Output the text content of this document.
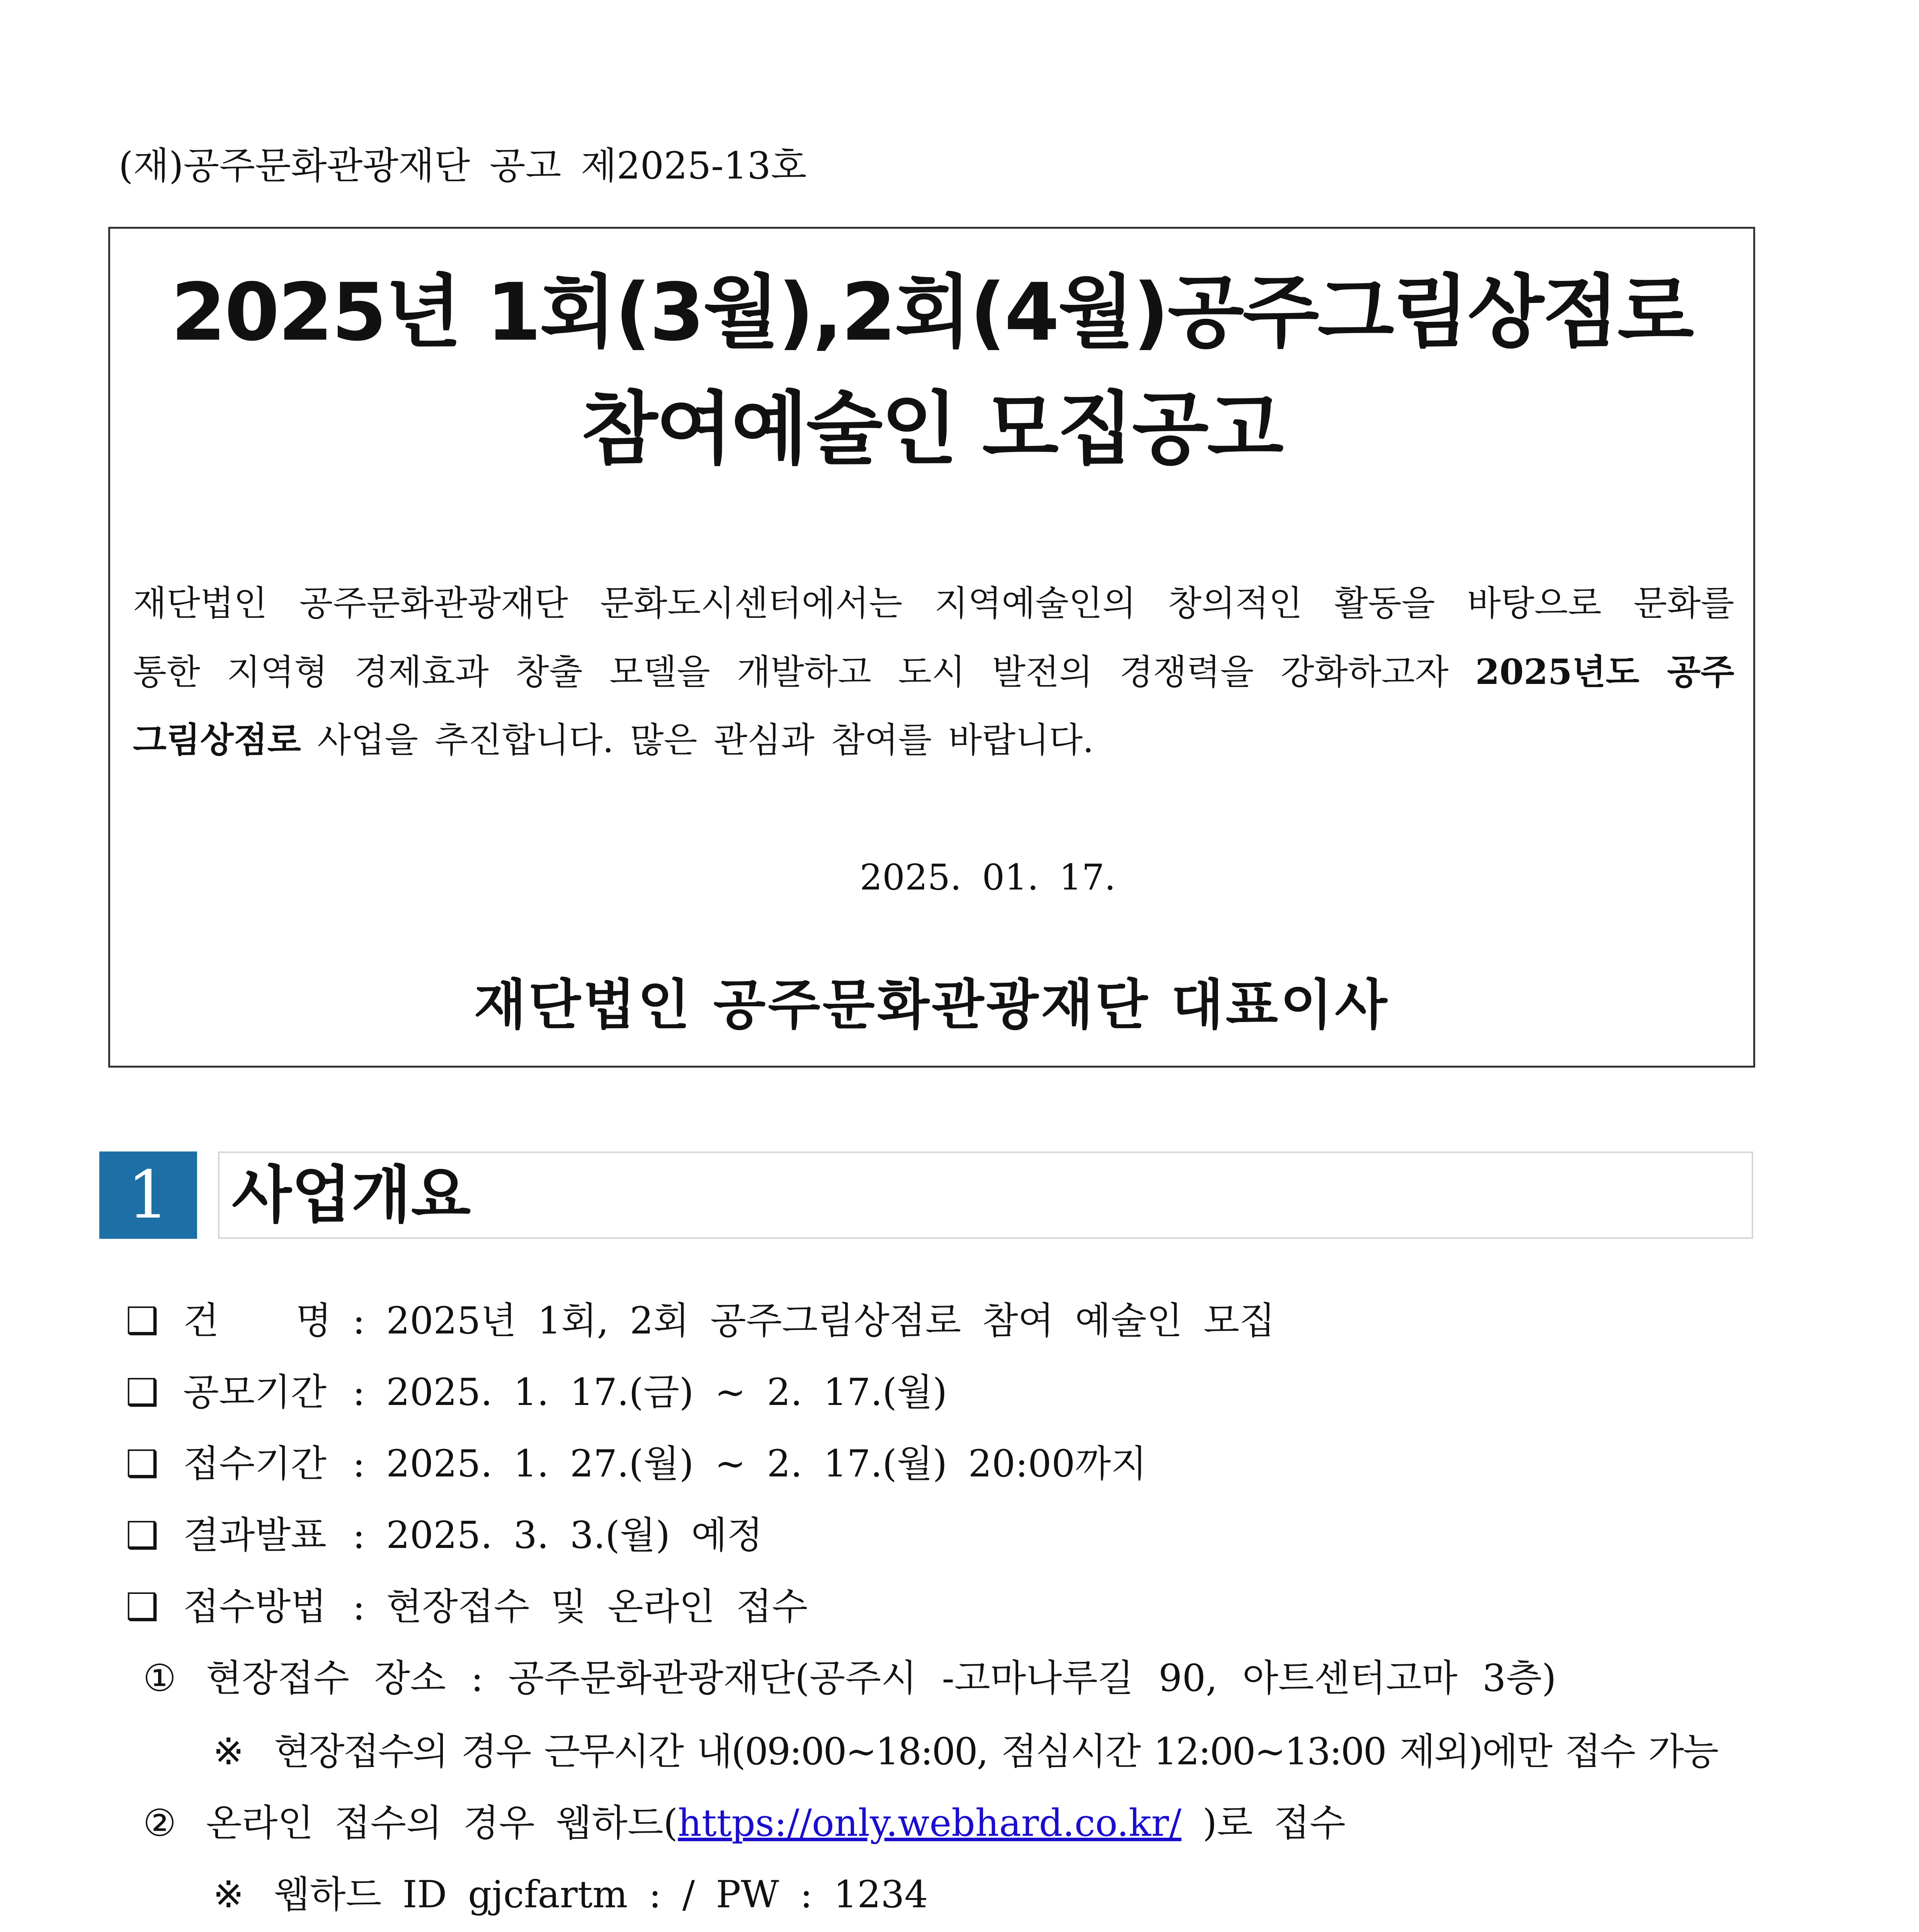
(재)공주문화관광재단 공고 제2025-13호
2025년 1회(3월),2회(4월)공주그림상점로
참여예술인 모집공고
재단법인 공주문화관광재단 문화도시센터에서는 지역예술인의 창의적인 활동을 바탕으로 문화를
통한 지역형 경제효과 창출 모델을 개발하고 도시 발전의 경쟁력을 강화하고자 2025년도 공주
그림상점로 사업을 추진합니다. 많은 관심과 참여를 바랍니다.
2025. 01. 17.
재단법인 공주문화관광재단 대표이사
1	사업개요
❑ 건 명 : 2025년 1회, 2회 공주그림상점로 참여 예술인 모집
❑ 공모기간 : 2025. 1. 17.(금) ~ 2. 17.(월)
❑ 접수기간 : 2025. 1. 27.(월) ~ 2. 17.(월) 20:00까지
❑ 결과발표 : 2025. 3. 3.(월) 예정
❑ 접수방법 : 현장접수 및 온라인 접수
① 현장접수 장소 : 공주문화관광재단(공주시 -고마나루길 90, 아트센터고마 3층)
※ 현장접수의 경우 근무시간 내(09:00~18:00, 점심시간 12:00~13:00 제외)에만 접수 가능
② 온라인 접수의 경우 웹하드(https://only.webhard.co.kr/ )로 접수
※ 웹하드 ID gjcfartm : / PW : 1234
